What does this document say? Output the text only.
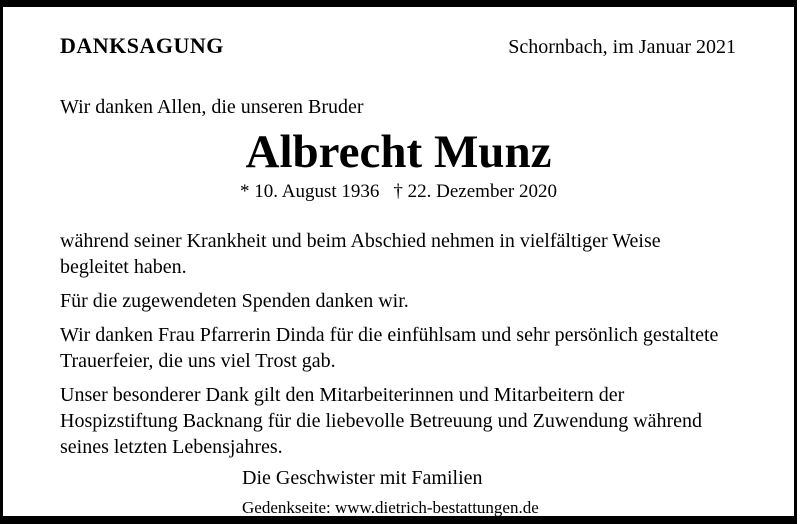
DANKSAGUNG	Schornbach, im Januar 2021

Wir danken Allen, die unseren Bruder

Albrecht Munz
* 10. August 1936 † 22. Dezember 2020

während seiner Krankheit und beim Abschied nehmen in vielfältiger Weise begleitet haben.

Für die zugewendeten Spenden danken wir.

Wir danken Frau Pfarrerin Dinda für die einfühlsam und sehr persönlich gestaltete Trauerfeier, die uns viel Trost gab.

Unser besonderer Dank gilt den Mitarbeiterinnen und Mitarbeitern der Hospizstiftung Backnang für die liebevolle Betreuung und Zuwendung während seines letzten Lebensjahres.

Die Geschwister mit Familien

Gedenkseite: www.dietrich-bestattungen.de
